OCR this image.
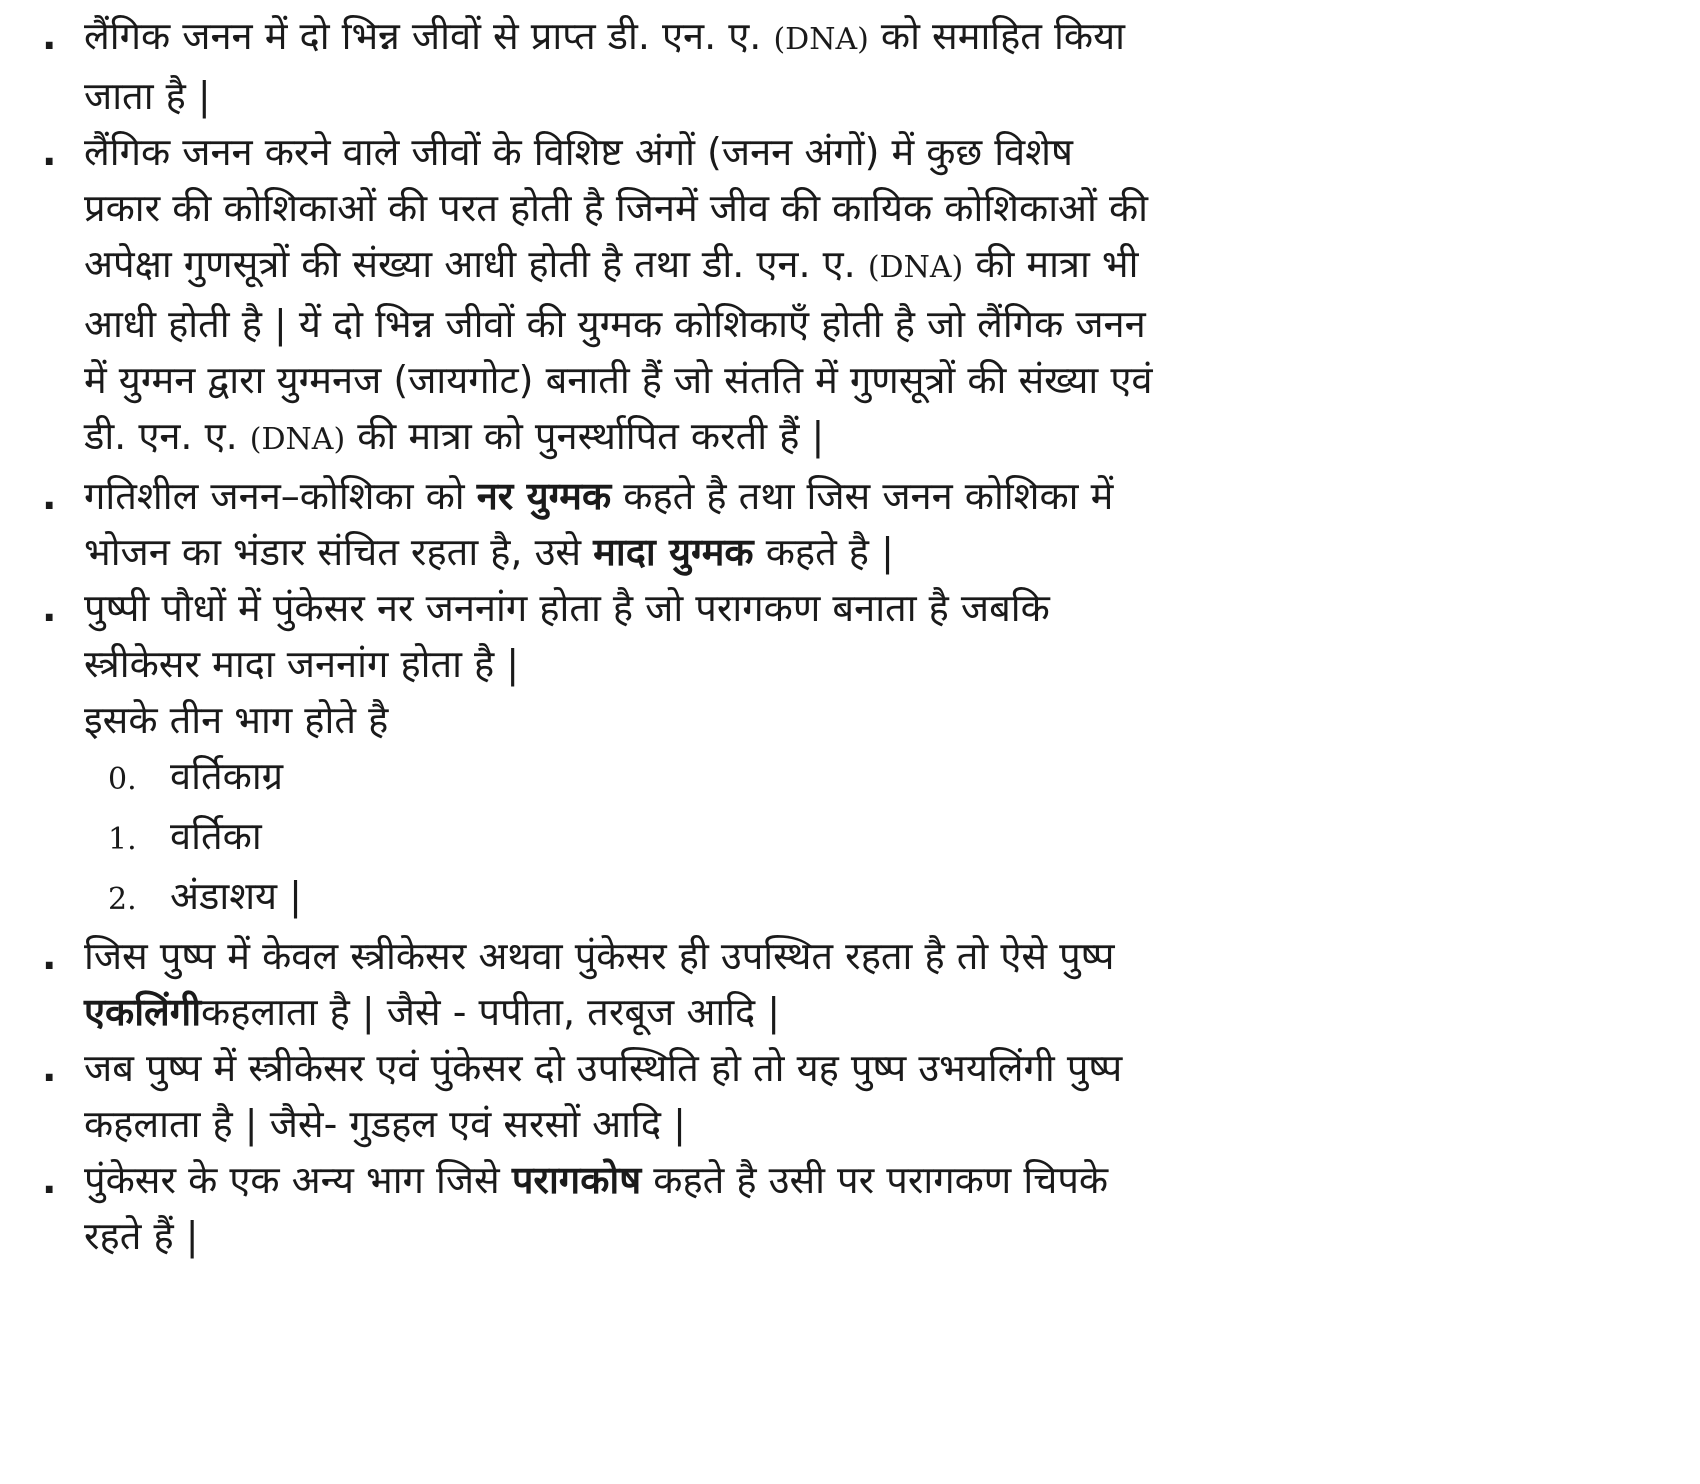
. लैंगिक जनन में दो भिन्न जीवों से प्राप्त डी. एन. ए. (DNA) को समाहित किया जाता है |
. लैंगिक जनन करने वाले जीवों के विशिष्ट अंगों (जनन अंगों) में कुछ विशेष प्रकार की कोशिकाओं की परत होती है जिनमें जीव की कायिक कोशिकाओं की अपेक्षा गुणसूत्रों की संख्या आधी होती है तथा डी. एन. ए. (DNA) की मात्रा भी आधी होती है | यें दो भिन्न जीवों की युग्मक कोशिकाएँ होती है जो लैंगिक जनन में युग्मन द्वारा युग्मनज (जायगोट) बनाती हैं जो संतति में गुणसूत्रों की संख्या एवं डी. एन. ए. (DNA) की मात्रा को पुनर्स्थापित करती हैं |
. गतिशील जनन–कोशिका को नर युग्मक कहते है तथा जिस जनन कोशिका में भोजन का भंडार संचित रहता है, उसे मादा युग्मक कहते है |
. पुष्पी पौधों में पुंकेसर नर जननांग होता है जो परागकण बनाता है जबकि स्त्रीकेसर मादा जननांग होता है |
इसके तीन भाग होते है
0. वर्तिकाग्र
1. वर्तिका
2. अंडाशय |
. जिस पुष्प में केवल स्त्रीकेसर अथवा पुंकेसर ही उपस्थित रहता है तो ऐसे पुष्प एकलिंगीकहलाता है | जैसे - पपीता, तरबूज आदि |
. जब पुष्प में स्त्रीकेसर एवं पुंकेसर दो उपस्थिति हो तो यह पुष्प उभयलिंगी पुष्प कहलाता है | जैसे- गुडहल एवं सरसों आदि |
. पुंकेसर के एक अन्य भाग जिसे परागकोष कहते है उसी पर परागकण चिपके रहते हैं |
